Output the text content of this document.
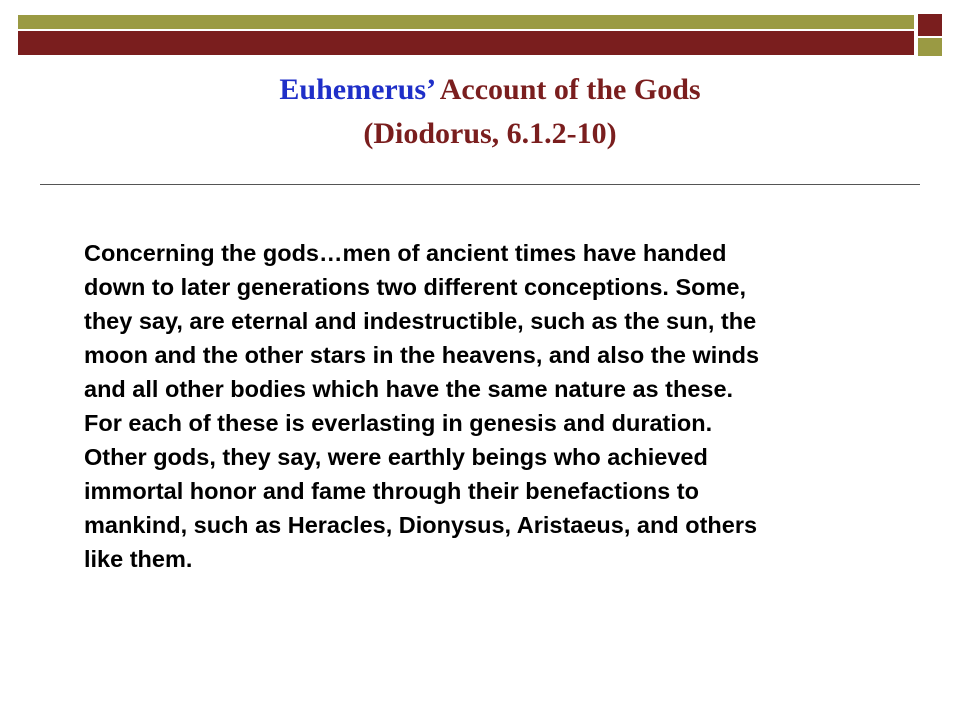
Euhemerus’ Account of the Gods
(Diodorus, 6.1.2-10)
Concerning the gods…men of ancient times have handed
down to later generations two different conceptions. Some,
they say, are eternal and indestructible, such as the sun, the
moon and the other stars in the heavens, and also the winds
and all other bodies which have the same nature as these.
For each of these is everlasting in genesis and duration.
Other gods, they say, were earthly beings who achieved
immortal honor and fame through their benefactions to
mankind, such as Heracles, Dionysus, Aristaeus, and others
like them.
